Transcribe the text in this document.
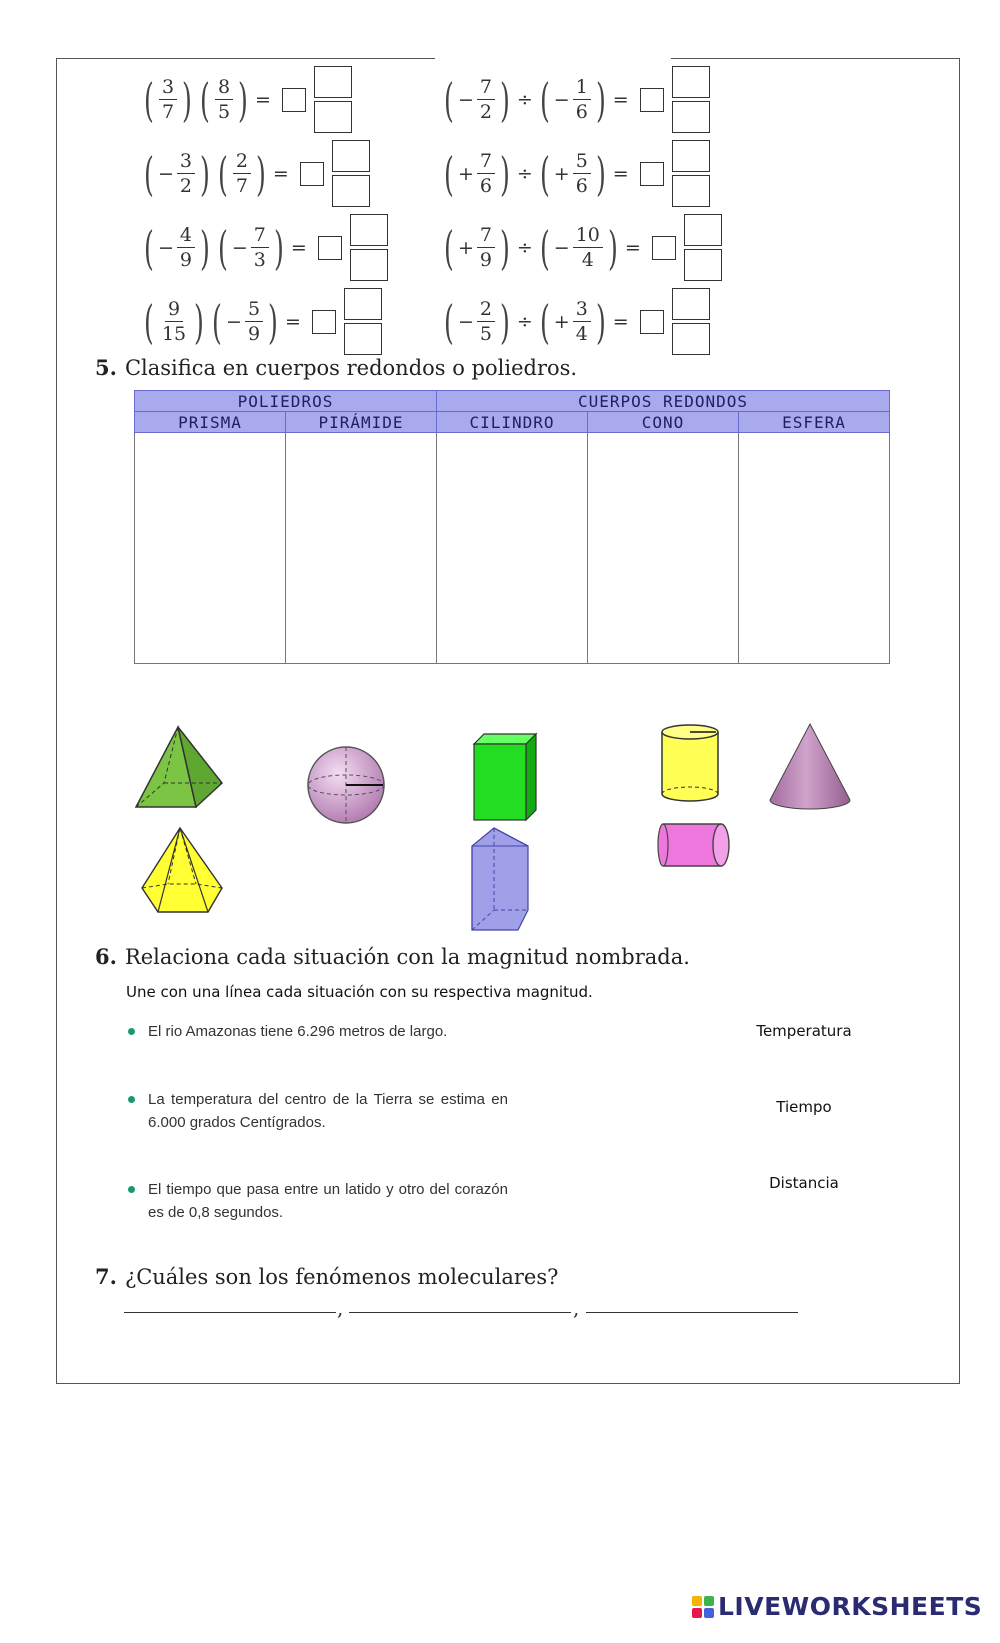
( $\frac{3}{7}$ ) ( $\frac{8}{5}$ ) =
( − $\frac{3}{2}$ ) ( $\frac{2}{7}$ ) =
( − $\frac{4}{9}$ ) ( − $\frac{7}{3}$ ) =
( $\frac{9}{15}$ ) ( − $\frac{5}{9}$ ) =
( − $\frac{7}{2}$ ) ÷ ( − $\frac{1}{6}$ ) =
( + $\frac{7}{6}$ ) ÷ ( + $\frac{5}{6}$ ) =
( + $\frac{7}{9}$ ) ÷ ( − $\frac{10}{4}$ ) =
( − $\frac{2}{5}$ ) ÷ ( + $\frac{3}{4}$ ) =
5. Clasifica en cuerpos redondos o poliedros.
POLIEDROS		CUERPOS REDONDOS		
PRISMA	PIRÁMIDE	CILINDRO	CONO	ESFERA

6. Relaciona cada situación con la magnitud nombrada.
Une con una línea cada situación con su respectiva magnitud.
El rio Amazonas tiene 6.296 metros de largo.
La temperatura del centro de la Tierra se estima en 6.000 grados Centígrados.
El tiempo que pasa entre un latido y otro del corazón es de 0,8 segundos.
Temperatura
Tiempo
Distancia
7. ¿Cuáles son los fenómenos moleculares?
,	,
LIVEWORKSHEETS
